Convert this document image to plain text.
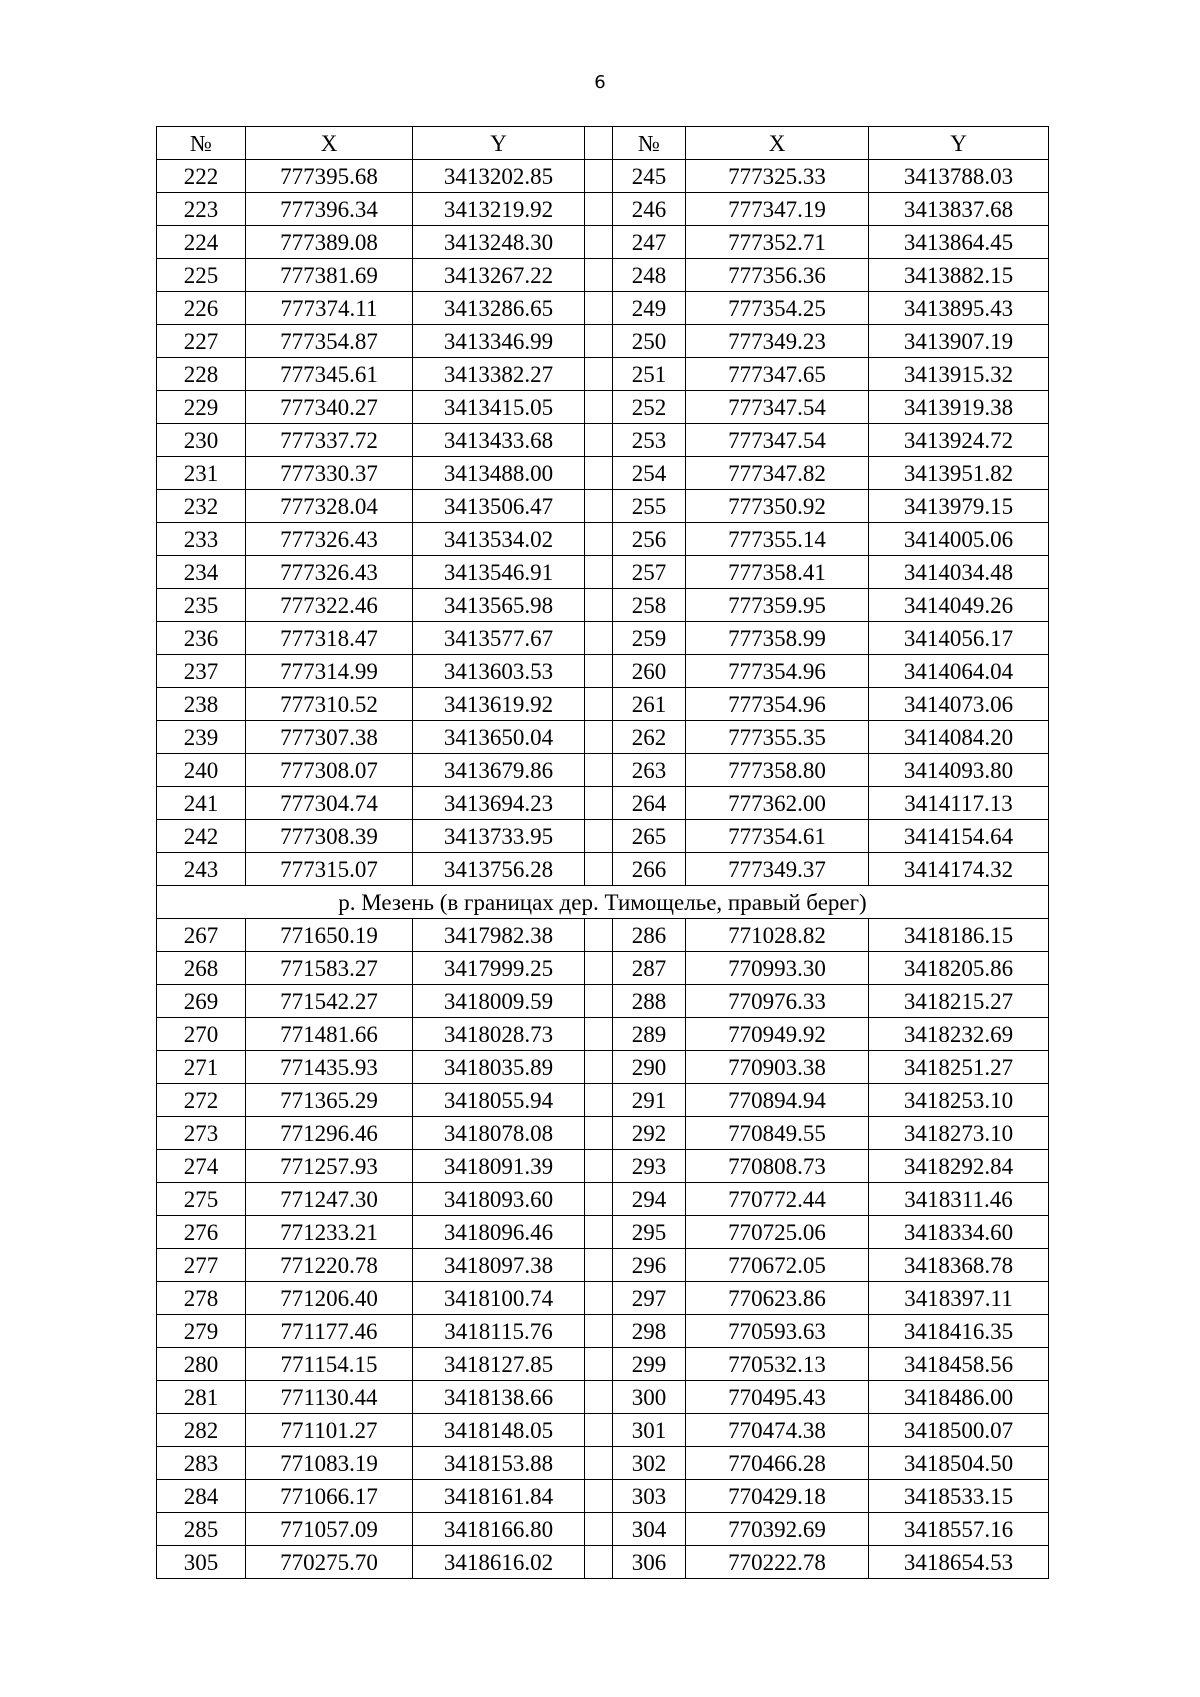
6
№	X	Y		№	X	Y
222	777395.68	3413202.85		245	777325.33	3413788.03
223	777396.34	3413219.92		246	777347.19	3413837.68
224	777389.08	3413248.30		247	777352.71	3413864.45
225	777381.69	3413267.22		248	777356.36	3413882.15
226	777374.11	3413286.65		249	777354.25	3413895.43
227	777354.87	3413346.99		250	777349.23	3413907.19
228	777345.61	3413382.27		251	777347.65	3413915.32
229	777340.27	3413415.05		252	777347.54	3413919.38
230	777337.72	3413433.68		253	777347.54	3413924.72
231	777330.37	3413488.00		254	777347.82	3413951.82
232	777328.04	3413506.47		255	777350.92	3413979.15
233	777326.43	3413534.02		256	777355.14	3414005.06
234	777326.43	3413546.91		257	777358.41	3414034.48
235	777322.46	3413565.98		258	777359.95	3414049.26
236	777318.47	3413577.67		259	777358.99	3414056.17
237	777314.99	3413603.53		260	777354.96	3414064.04
238	777310.52	3413619.92		261	777354.96	3414073.06
239	777307.38	3413650.04		262	777355.35	3414084.20
240	777308.07	3413679.86		263	777358.80	3414093.80
241	777304.74	3413694.23		264	777362.00	3414117.13
242	777308.39	3413733.95		265	777354.61	3414154.64
243	777315.07	3413756.28		266	777349.37	3414174.32
р. Мезень (в границах дер. Тимощелье, правый берег)						
267	771650.19	3417982.38		286	771028.82	3418186.15
268	771583.27	3417999.25		287	770993.30	3418205.86
269	771542.27	3418009.59		288	770976.33	3418215.27
270	771481.66	3418028.73		289	770949.92	3418232.69
271	771435.93	3418035.89		290	770903.38	3418251.27
272	771365.29	3418055.94		291	770894.94	3418253.10
273	771296.46	3418078.08		292	770849.55	3418273.10
274	771257.93	3418091.39		293	770808.73	3418292.84
275	771247.30	3418093.60		294	770772.44	3418311.46
276	771233.21	3418096.46		295	770725.06	3418334.60
277	771220.78	3418097.38		296	770672.05	3418368.78
278	771206.40	3418100.74		297	770623.86	3418397.11
279	771177.46	3418115.76		298	770593.63	3418416.35
280	771154.15	3418127.85		299	770532.13	3418458.56
281	771130.44	3418138.66		300	770495.43	3418486.00
282	771101.27	3418148.05		301	770474.38	3418500.07
283	771083.19	3418153.88		302	770466.28	3418504.50
284	771066.17	3418161.84		303	770429.18	3418533.15
285	771057.09	3418166.80		304	770392.69	3418557.16
305	770275.70	3418616.02		306	770222.78	3418654.53
